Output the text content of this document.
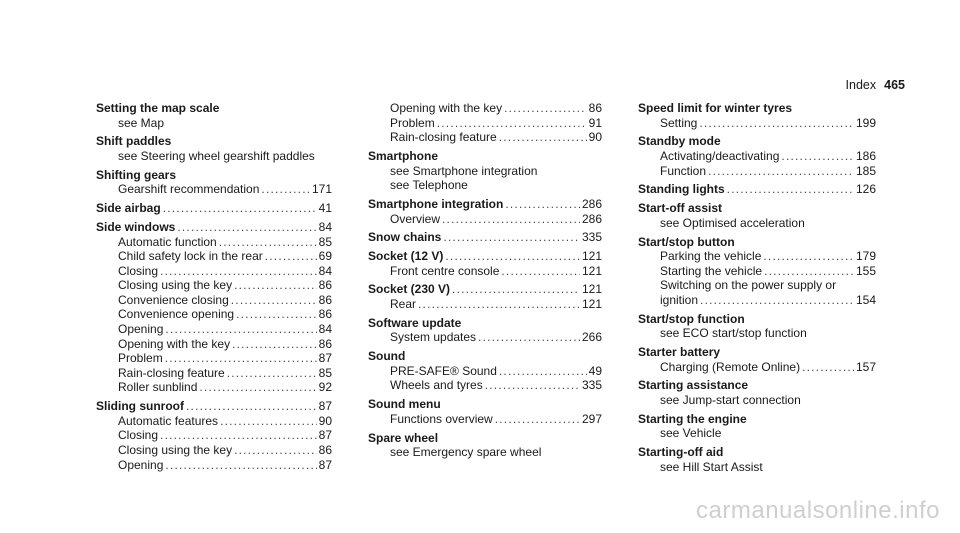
Index 465
Setting the map scale
see Map
Shift paddles
see Steering wheel gearshift paddles
Shifting gears
Gearshift recommendation .....	171
Side airbag .....	41
Side windows .....	84
Automatic function .....	85
Child safety lock in the rear .....	69
Closing .....	84
Closing using the key .....	86
Convenience closing .....	86
Convenience opening .....	86
Opening .....	84
Opening with the key .....	86
Problem .....	87
Rain-closing feature .....	85
Roller sunblind .....	92
Sliding sunroof .....	87
Automatic features .....	90
Closing .....	87
Closing using the key .....	86
Opening .....	87
Opening with the key .....	86
Problem .....	91
Rain-closing feature .....	90
Smartphone
see Smartphone integration
see Telephone
Smartphone integration .....	286
Overview .....	286
Snow chains .....	335
Socket (12 V) .....	121
Front centre console .....	121
Socket (230 V) .....	121
Rear .....	121
Software update
System updates .....	266
Sound
PRE-SAFE® Sound .....	49
Wheels and tyres .....	335
Sound menu
Functions overview .....	297
Spare wheel
see Emergency spare wheel
Speed limit for winter tyres
Setting .....	199
Standby mode
Activating/deactivating .....	186
Function .....	185
Standing lights .....	126
Start-off assist
see Optimised acceleration
Start/stop button
Parking the vehicle .....	179
Starting the vehicle .....	155
Switching on the power supply or
ignition .....	154
Start/stop function
see ECO start/stop function
Starter battery
Charging (Remote Online) .....	157
Starting assistance
see Jump-start connection
Starting the engine
see Vehicle
Starting-off aid
see Hill Start Assist
carmanualsonline.info
